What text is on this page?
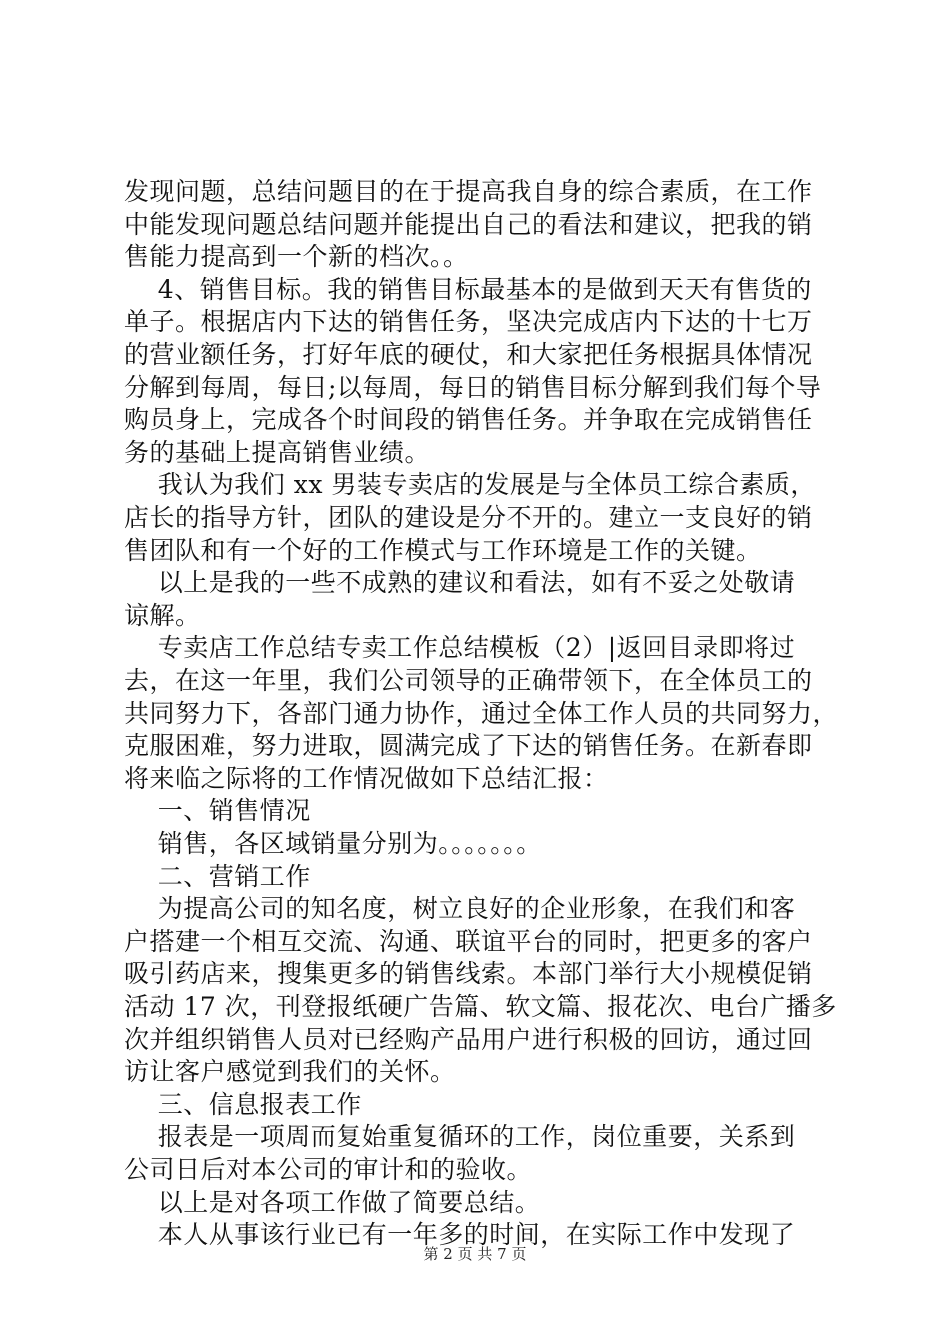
发现问题，总结问题目的在于提高我自身的综合素质，在工作
中能发现问题总结问题并能提出自己的看法和建议，把我的销
售能力提高到一个新的档次。。
4、销售目标。我的销售目标最基本的是做到天天有售货的
单子。根据店内下达的销售任务，坚决完成店内下达的十七万
的营业额任务，打好年底的硬仗，和大家把任务根据具体情况
分解到每周，每日;以每周，每日的销售目标分解到我们每个导
购员身上，完成各个时间段的销售任务。并争取在完成销售任
务的基础上提高销售业绩。
我认为我们 xx 男装专卖店的发展是与全体员工综合素质，
店长的指导方针，团队的建设是分不开的。建立一支良好的销
售团队和有一个好的工作模式与工作环境是工作的关键。
以上是我的一些不成熟的建议和看法，如有不妥之处敬请
谅解。
专卖店工作总结专卖工作总结模板（2）|返回目录即将过
去，在这一年里，我们公司领导的正确带领下，在全体员工的
共同努力下，各部门通力协作，通过全体工作人员的共同努力，
克服困难，努力进取，圆满完成了下达的销售任务。在新春即
将来临之际将的工作情况做如下总结汇报：
一、销售情况
销售，各区域销量分别为。。。。。。。
二、营销工作
为提高公司的知名度，树立良好的企业形象，在我们和客
户搭建一个相互交流、沟通、联谊平台的同时，把更多的客户
吸引药店来，搜集更多的销售线索。本部门举行大小规模促销
活动 17 次，刊登报纸硬广告篇、软文篇、报花次、电台广播多
次并组织销售人员对已经购产品用户进行积极的回访，通过回
访让客户感觉到我们的关怀。
三、信息报表工作
报表是一项周而复始重复循环的工作，岗位重要，关系到
公司日后对本公司的审计和的验收。
以上是对各项工作做了简要总结。
本人从事该行业已有一年多的时间，在实际工作中发现了
第 2 页 共 7 页
